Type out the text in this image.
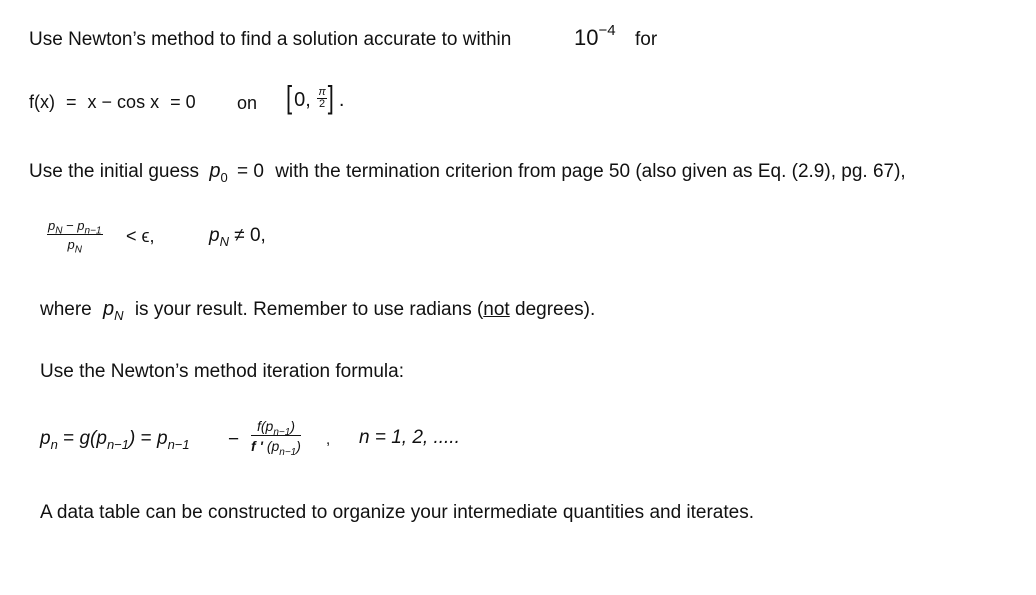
Use Newton’s method to find a solution accurate to within	$10^{-4}$ for
f(x) = x − cos x = 0 on [ 0, $\frac{\pi}{2}$ ] .
Use the initial guess $p_0 = 0$ with the termination criterion from page 50 (also given as Eq. (2.9), pg. 67),
$\frac{p_N - p_{n-1}}{p_N} < \epsilon$,	$p_N \ne 0$,
where $p_N$ is your result. Remember to use radians (not degrees).
Use the Newton’s method iteration formula:
$p_n = g(p_{n-1}) = p_{n-1} - \frac{f(p_{n-1})}{f ' (p_{n-1})}$ , n = 1, 2, .....
A data table can be constructed to organize your intermediate quantities and iterates.
